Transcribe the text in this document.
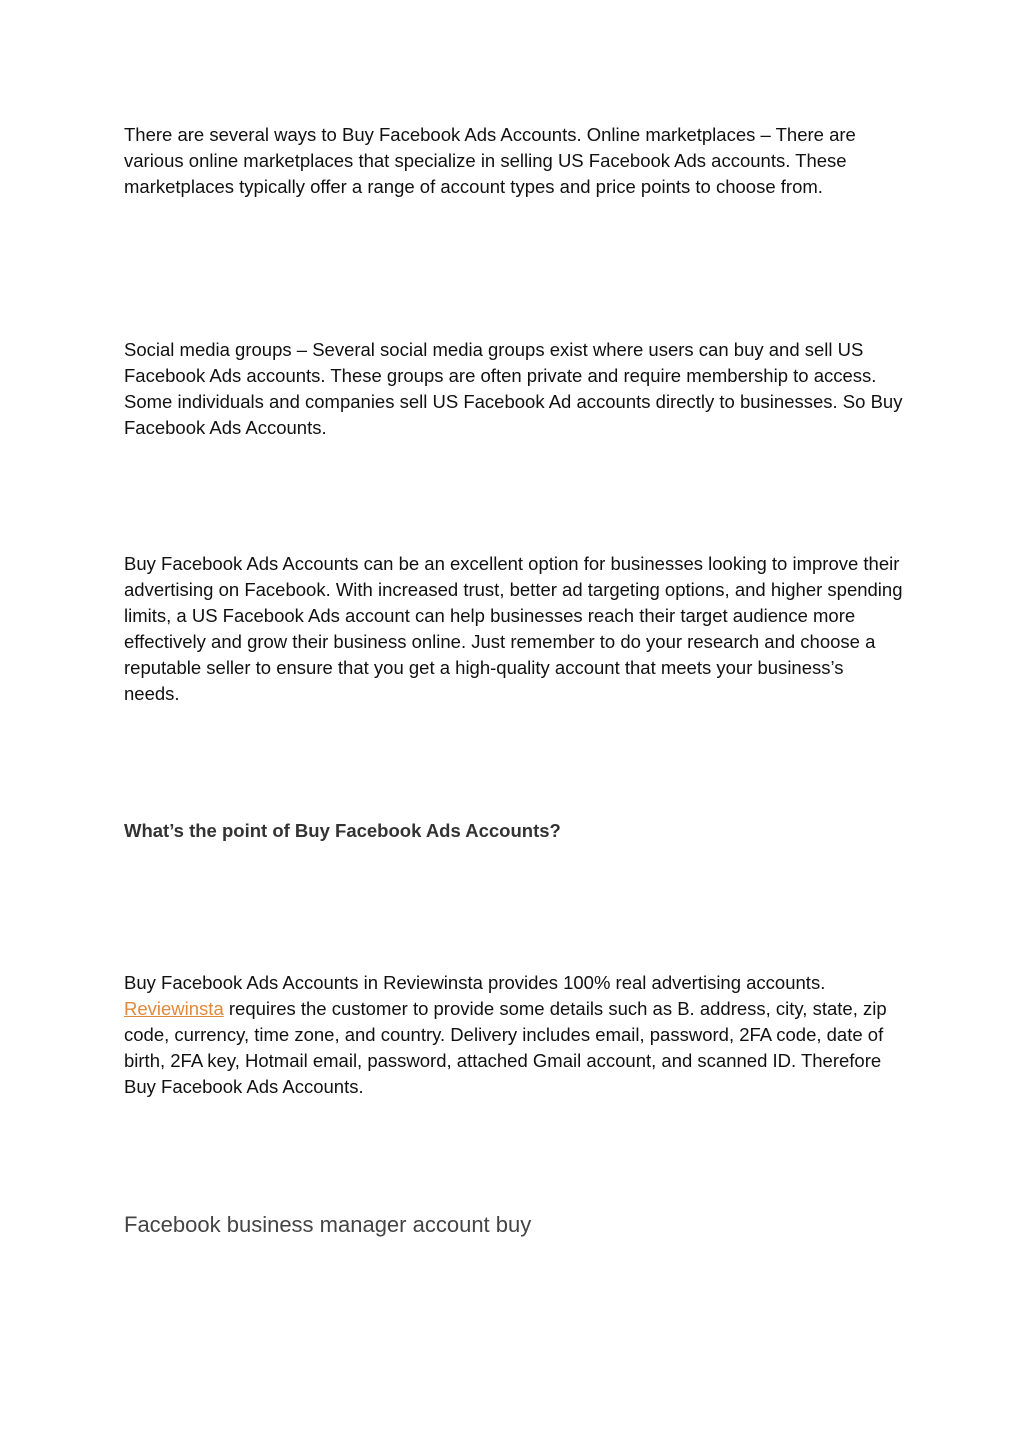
There are several ways to Buy Facebook Ads Accounts. Online marketplaces – There are various online marketplaces that specialize in selling US Facebook Ads accounts. These marketplaces typically offer a range of account types and price points to choose from.

Social media groups – Several social media groups exist where users can buy and sell US Facebook Ads accounts. These groups are often private and require membership to access. Some individuals and companies sell US Facebook Ad accounts directly to businesses. So Buy Facebook Ads Accounts.

Buy Facebook Ads Accounts can be an excellent option for businesses looking to improve their advertising on Facebook. With increased trust, better ad targeting options, and higher spending limits, a US Facebook Ads account can help businesses reach their target audience more effectively and grow their business online. Just remember to do your research and choose a reputable seller to ensure that you get a high-quality account that meets your business’s needs.

What’s the point of Buy Facebook Ads Accounts?

Buy Facebook Ads Accounts in Reviewinsta provides 100% real advertising accounts. Reviewinsta requires the customer to provide some details such as B. address, city, state, zip code, currency, time zone, and country. Delivery includes email, password, 2FA code, date of birth, 2FA key, Hotmail email, password, attached Gmail account, and scanned ID. Therefore Buy Facebook Ads Accounts.

Facebook business manager account buy
